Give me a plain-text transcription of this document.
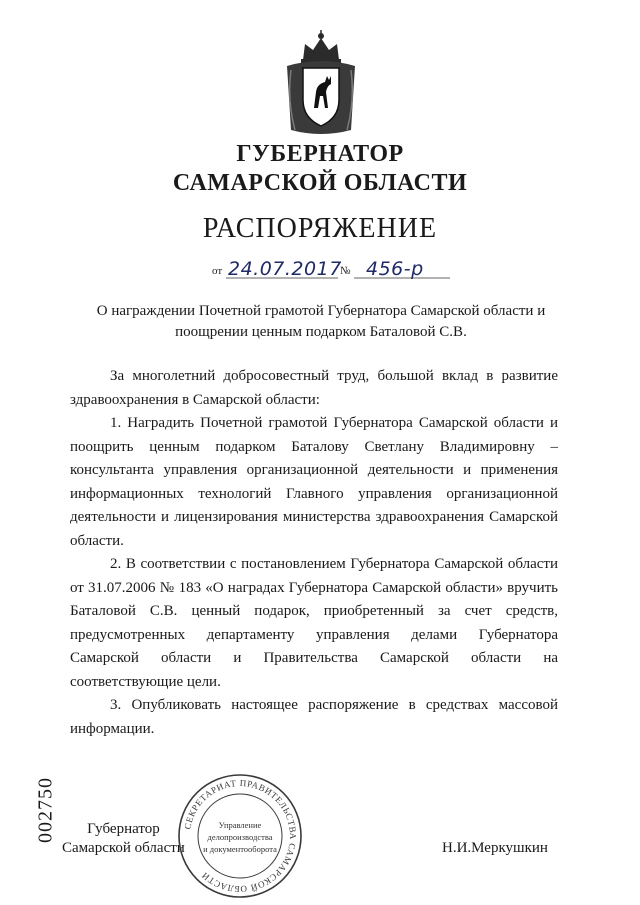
ГУБЕРНАТОР
САМАРСКОЙ ОБЛАСТИ
РАСПОРЯЖЕНИЕ
от 24.07.2017
№ 456-р
О награждении Почетной грамотой Губернатора Самарской области и поощрении ценным подарком Баталовой С.В.

За многолетний добросовестный труд, большой вклад в развитие здравоохранения в Самарской области:

1. Наградить Почетной грамотой Губернатора Самарской области и поощрить ценным подарком Баталову Светлану Владимировну – консультанта управления организационной деятельности и применения информационных технологий Главного управления организационной деятельности и лицензирования министерства здравоохранения Самарской области.

2. В соответствии с постановлением Губернатора Самарской области от 31.07.2006 № 183 «О наградах Губернатора Самарской области» вручить Баталовой С.В. ценный подарок, приобретенный за счет средств, предусмотренных департаменту управления делами Губернатора Самарской области и Правительства Самарской области на соответствующие цели.

3. Опубликовать настоящее распоряжение в средствах массовой информации.

Губернатор
Самарской области	Н.И.Меркушкин
СЕКРЕТАРИАТ ПРАВИТЕЛЬСТВА САМАРСКОЙ ОБЛАСТИ
Управление
делопроизводства
и документооборота
002750
